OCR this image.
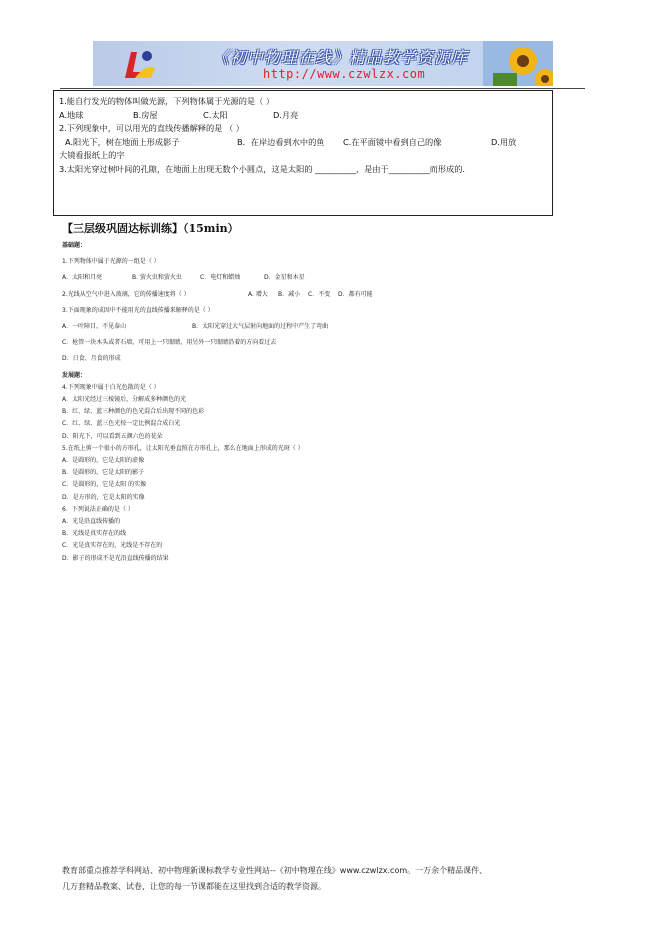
《初中物理在线》精品教学资源库
http://www.czwlzx.com

1.能自行发光的物体叫做光源，下列物体属于光源的是（ ）

A.地球	B.房屋	C.太阳	D.月亮

2.下列现象中，可以用光的直线传播解释的是 （ ）

A.阳光下，树在地面上形成影子	B．在岸边看到水中的鱼 C.在平面镜中看到自己的像	D.用放

大镜看报纸上的字

3.太阳光穿过树叶间的孔隙，在地面上出现无数个小圆点，这是太阳的 __________，是由于__________而形成的．

【三层级巩固达标训练】（15min）

基础题：

1.下列物体中属于光源的一组是（ ）

A．太阳和月亮	B. 萤火虫和萤火虫	C．电灯和蜡烛	D．金星和木星

2.光线从空气中进入玻璃，它的传播速度将（ ）	A. 增大 B．减小 C．不变 D．都有可能

3.下面现象的成因中不能用光的直线传播来解释的是（ ）

A．一叶障目，不见泰山	B．太阳光穿过大气层射向地面的过程中产生了弯曲

C．枪管一块木头或者石墙，可用上一只眼睛，用另外一只眼睛沿着的方向看过去

D．日食、月食的形成

发展题：

4.下列现象中属于白光色散的是（ ）

A．太阳光经过三棱镜后，分解成多种颜色的光

B．红、绿、蓝三种颜色的色光混合后出现不同的色彩

C．红、绿、蓝三色光按一定比例混合成白光

D．阳光下，可以看到五颜六色的花朵

5.在纸上剪一个很小的方形孔，让太阳光垂直照在方形孔上，那么在地面上形成的光斑（ ）

A．是圆形的，它是太阳的虚像

B．是圆形的，它是太阳的影子

C．是圆形的，它是太阳 的实像

D．是方形的，它是太阳的实像

6．下列说法正确的是（ ）

A．光是沿直线传播的

B．光线是真实存在的线

C．光是真实存在的，光线是不存在的

D．影子的形成不是光沿直线传播的结果

教育部重点推荐学科网站、初中物理新课标教学专业性网站--《初中物理在线》www.czwlzx.com。一万余个精品课件、

几万套精品教案、试卷，让您的每一节课都能在这里找到合适的教学资源。
